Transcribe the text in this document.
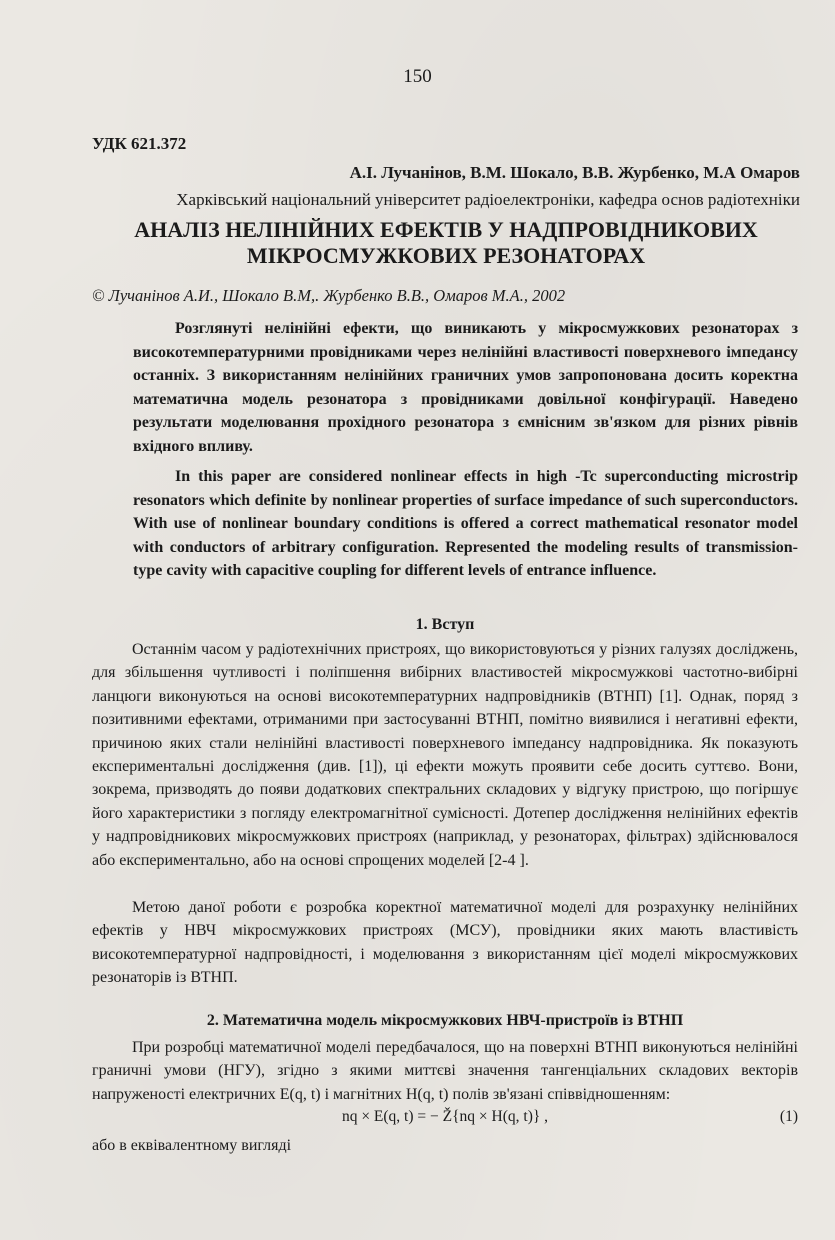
150
УДК 621.372
А.І. Лучанінов, В.М. Шокало, В.В. Журбенко, М.А Омаров
Харківський національний університет радіоелектроніки, кафедра основ радіотехніки
АНАЛІЗ НЕЛІНІЙНИХ ЕФЕКТІВ У НАДПРОВІДНИКОВИХ
МІКРОСМУЖКОВИХ РЕЗОНАТОРАХ
© Лучанінов А.И., Шокало В.М,. Журбенко В.В., Омаров М.А., 2002

Розглянуті нелінійні ефекти, що виникають у мікросмужкових резонаторах з високотемпературними провідниками через нелінійні властивості поверхневого імпедансу останніх. З використанням нелінійних граничних умов запропонована досить коректна математична модель резонатора з провідниками довільної конфігурації. Наведено результати моделювання прохідного резонатора з ємнісним зв'язком для різних рівнів вхідного впливу.

In this paper are considered nonlinear effects in high -Tc superconducting microstrip resonators which definite by nonlinear properties of surface impedance of such superconductors. With use of nonlinear boundary conditions is offered a correct mathematical resonator model with conductors of arbitrary configuration. Represented the modeling results of transmission-type cavity with capacitive coupling for different levels of entrance influence.

1. Вступ

Останнім часом у радіотехнічних пристроях, що використовуються у різних галузях досліджень, для збільшення чутливості і поліпшення вибірних властивостей мікросмужкові частотно-вибірні ланцюги виконуються на основі високотемпературних надпровідників (ВТНП) [1]. Однак, поряд з позитивними ефектами, отриманими при застосуванні ВТНП, помітно виявилися і негативні ефекти, причиною яких стали нелінійні властивості поверхневого імпедансу надпровідника. Як показують експериментальні дослідження (див. [1]), ці ефекти можуть проявити себе досить суттєво. Вони, зокрема, призводять до появи додаткових спектральних складових у відгуку пристрою, що погіршує його характеристики з погляду електромагнітної сумісності. Дотепер дослідження нелінійних ефектів у надпровідникових мікросмужкових пристроях (наприклад, у резонаторах, фільтрах) здійснювалося або експериментально, або на основі спрощених моделей [2-4 ].

Метою даної роботи є розробка коректної математичної моделі для розрахунку нелінійних ефектів у НВЧ мікросмужкових пристроях (МСУ), провідники яких мають властивість високотемпературної надпровідності, і моделювання з використанням цієї моделі мікросмужкових резонаторів із ВТНП.

2. Математична модель мікросмужкових НВЧ-пристроїв із ВТНП

При розробці математичної моделі передбачалося, що на поверхні ВТНП виконуються нелінійні граничні умови (НГУ), згідно з якими миттєві значення тангенціальних складових векторів напруженості електричних E(q, t) і магнітних H(q, t) полів зв'язані співвідношенням:

nq × E(q, t) = − Ž{nq × H(q, t)} ,	(1)
або в еквівалентному вигляді
